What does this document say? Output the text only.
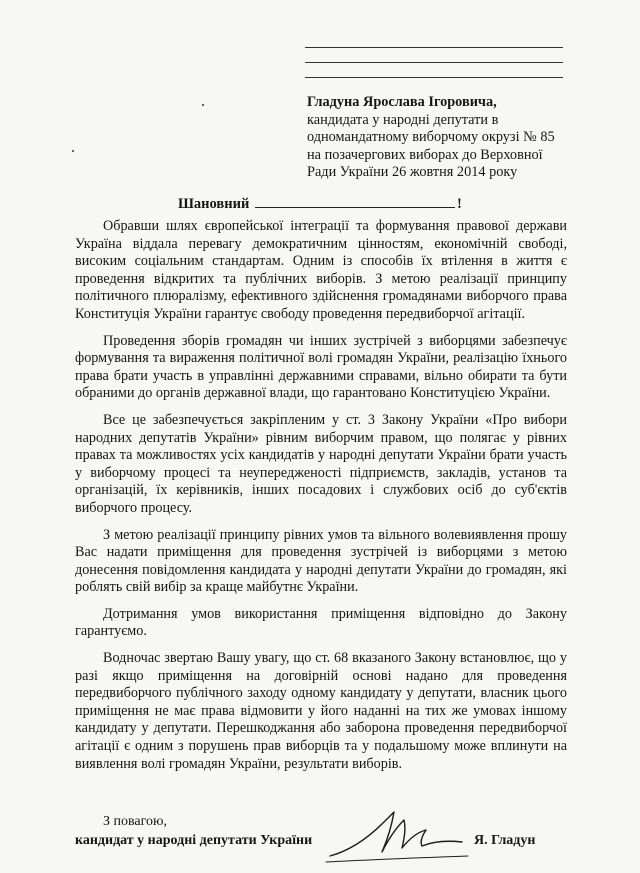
Гладуна Ярослава Ігоровича,
кандидата у народні депутати в
одномандатному виборчому окрузі № 85
на позачергових виборах до Верховної
Ради України 26 жовтня 2014 року
Шановний	!

Обравши шлях європейської інтеграції та формування правової держави Україна віддала перевагу демократичним цінностям, економічній свободі, високим соціальним стандартам. Одним із способів їх втілення в життя є проведення відкритих та публічних виборів. З метою реалізації принципу політичного плюралізму, ефективного здійснення громадянами виборчого права Конституція України гарантує свободу проведення передвиборчої агітації.

Проведення зборів громадян чи інших зустрічей з виборцями забезпечує формування та вираження політичної волі громадян України, реалізацію їхнього права брати участь в управлінні державними справами, вільно обирати та бути обраними до органів державної влади, що гарантовано Конституцією України.

Все це забезпечується закріпленим у ст. 3 Закону України «Про вибори народних депутатів України» рівним виборчим правом, що полягає у рівних правах та можливостях усіх кандидатів у народні депутати України брати участь у виборчому процесі та неупередженості підприємств, закладів, установ та організацій, їх керівників, інших посадових і службових осіб до суб'єктів виборчого процесу.

З метою реалізації принципу рівних умов та вільного волевиявлення прошу Вас надати приміщення для проведення зустрічей із виборцями з метою донесення повідомлення кандидата у народні депутати України до громадян, які роблять свій вибір за краще майбутнє України.

Дотримання умов використання приміщення відповідно до Закону гарантуємо.

Водночас звертаю Вашу увагу, що ст. 68 вказаного Закону встановлює, що у разі якщо приміщення на договірній основі надано для проведення передвиборчого публічного заходу одному кандидату у депутати, власник цього приміщення не має права відмовити у його наданні на тих же умовах іншому кандидату у депутати. Перешкоджання або заборона проведення передвиборчої агітації є одним з порушень прав виборців та у подальшому може вплинути на виявлення волі громадян України, результати виборів.

З повагою,
кандидат у народні депутати України	Я. Гладун
